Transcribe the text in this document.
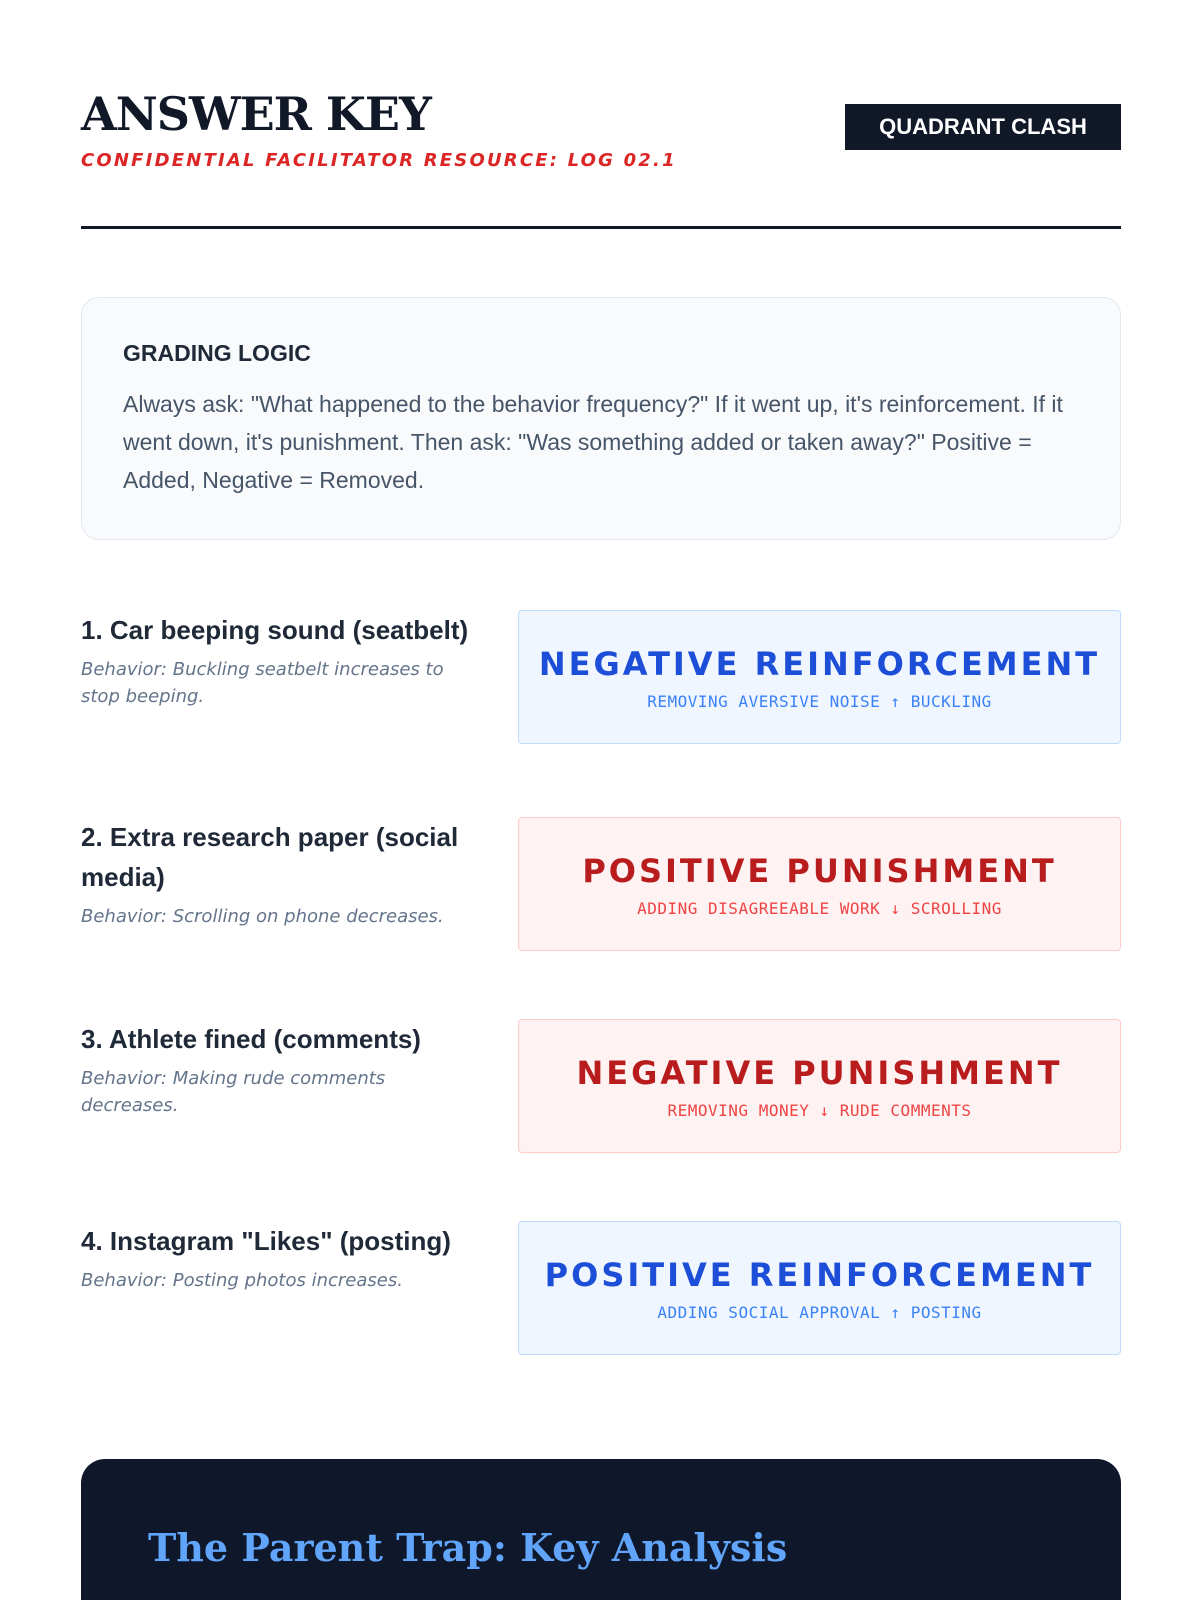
ANSWER KEY
CONFIDENTIAL FACILITATOR RESOURCE: LOG 02.1
QUADRANT CLASH
GRADING LOGIC
Always ask: "What happened to the behavior frequency?" If it went up, it's reinforcement. If it went down, it's punishment. Then ask: "Was something added or taken away?" Positive = Added, Negative = Removed.
1. Car beeping sound (seatbelt)
Behavior: Buckling seatbelt increases to stop beeping.
NEGATIVE REINFORCEMENT
REMOVING AVERSIVE NOISE ↑ BUCKLING
2. Extra research paper (social media)
Behavior: Scrolling on phone decreases.
POSITIVE PUNISHMENT
ADDING DISAGREEABLE WORK ↓ SCROLLING
3. Athlete fined (comments)
Behavior: Making rude comments decreases.
NEGATIVE PUNISHMENT
REMOVING MONEY ↓ RUDE COMMENTS
4. Instagram "Likes" (posting)
Behavior: Posting photos increases.	POSITIVE REINFORCEMENT
ADDING SOCIAL APPROVAL ↑ POSTING
The Parent Trap: Key Analysis
